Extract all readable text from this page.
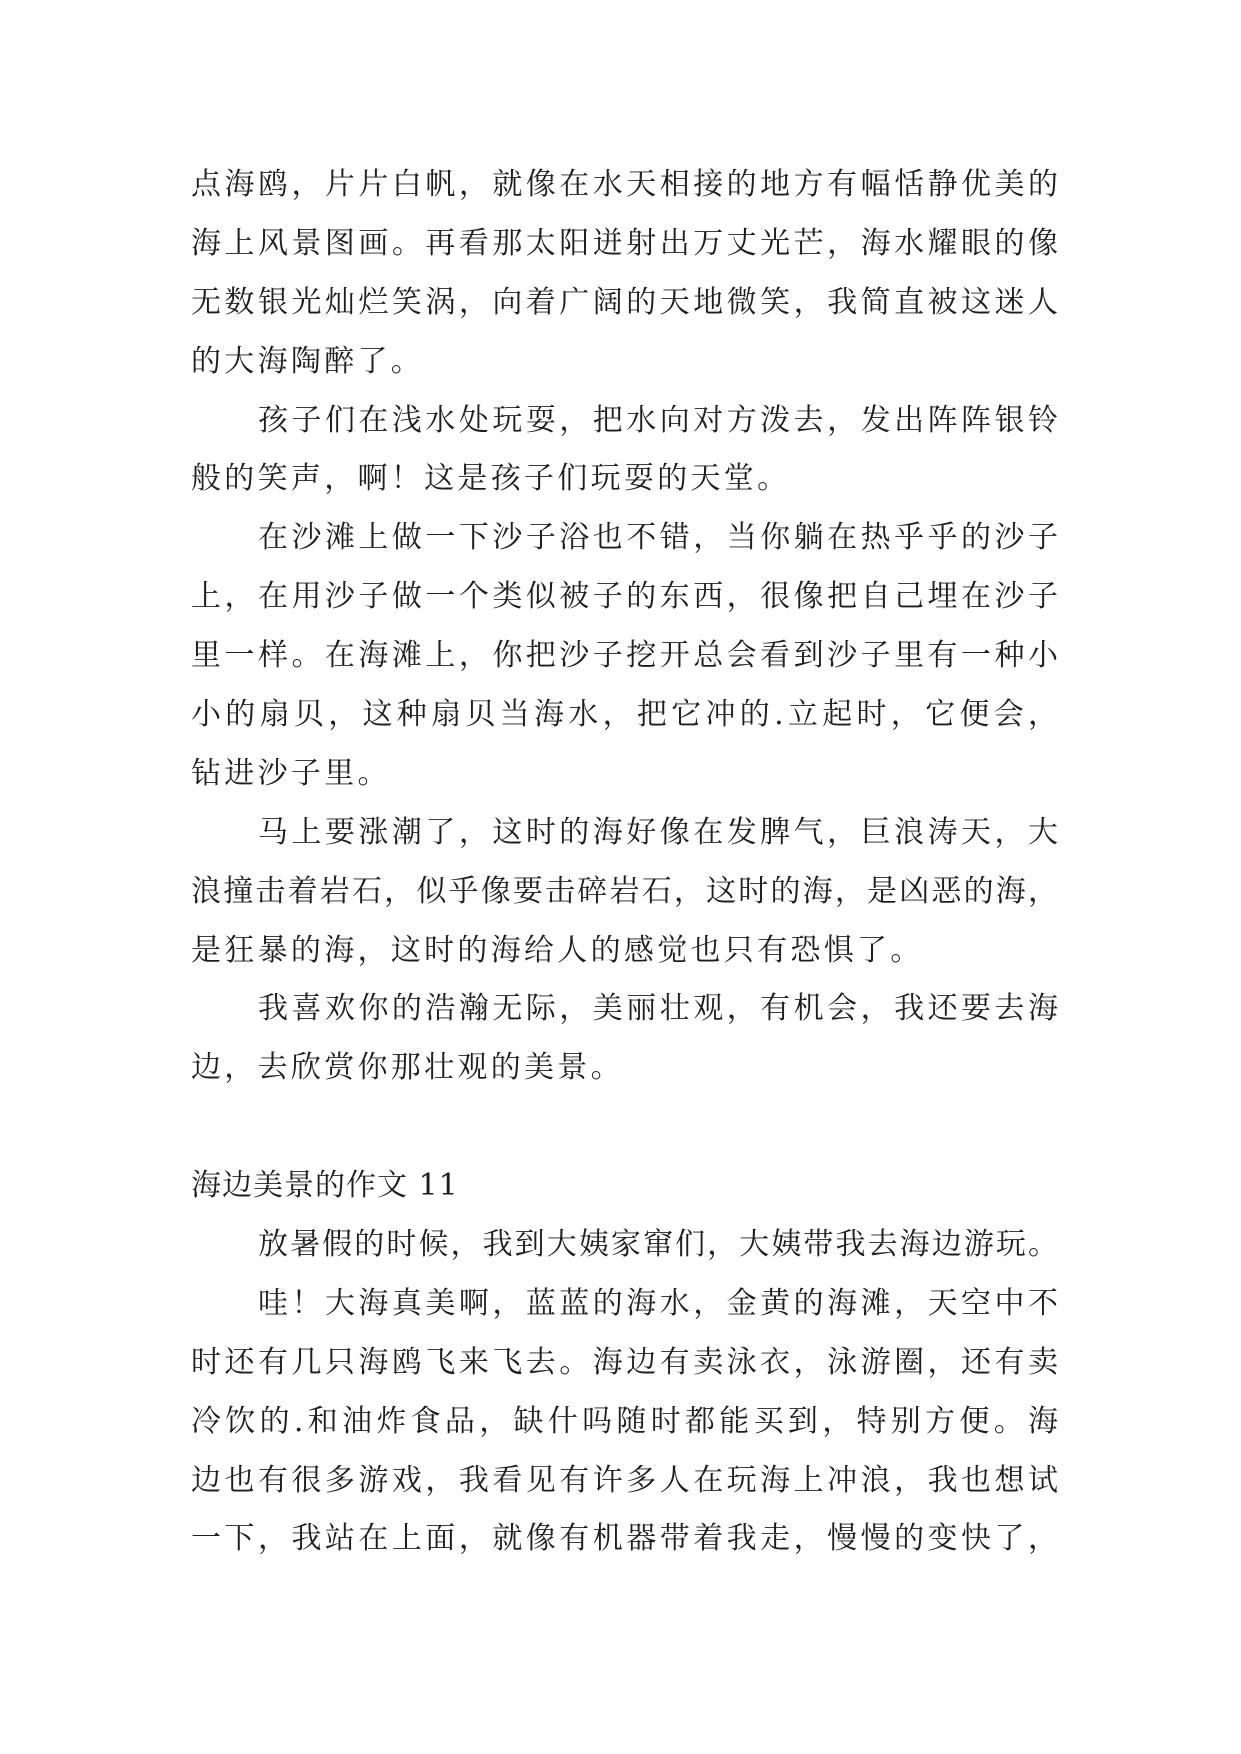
点海鸥，片片白帆，就像在水天相接的地方有幅恬静优美的
海上风景图画。再看那太阳迸射出万丈光芒，海水耀眼的像
无数银光灿烂笑涡，向着广阔的天地微笑，我简直被这迷人
的大海陶醉了。
孩子们在浅水处玩耍，把水向对方泼去，发出阵阵银铃
般的笑声，啊！这是孩子们玩耍的天堂。
在沙滩上做一下沙子浴也不错，当你躺在热乎乎的沙子
上，在用沙子做一个类似被子的东西，很像把自己埋在沙子
里一样。在海滩上，你把沙子挖开总会看到沙子里有一种小
小的扇贝，这种扇贝当海水，把它冲的.立起时，它便会，
钻进沙子里。
马上要涨潮了，这时的海好像在发脾气，巨浪涛天，大
浪撞击着岩石，似乎像要击碎岩石，这时的海，是凶恶的海，
是狂暴的海，这时的海给人的感觉也只有恐惧了。
我喜欢你的浩瀚无际，美丽壮观，有机会，我还要去海
边，去欣赏你那壮观的美景。
海边美景的作文 11
放暑假的时候，我到大姨家窜们，大姨带我去海边游玩。
哇！大海真美啊，蓝蓝的海水，金黄的海滩，天空中不
时还有几只海鸥飞来飞去。海边有卖泳衣，泳游圈，还有卖
冷饮的.和油炸食品，缺什吗随时都能买到，特别方便。海
边也有很多游戏，我看见有许多人在玩海上冲浪，我也想试
一下，我站在上面，就像有机器带着我走，慢慢的变快了，
